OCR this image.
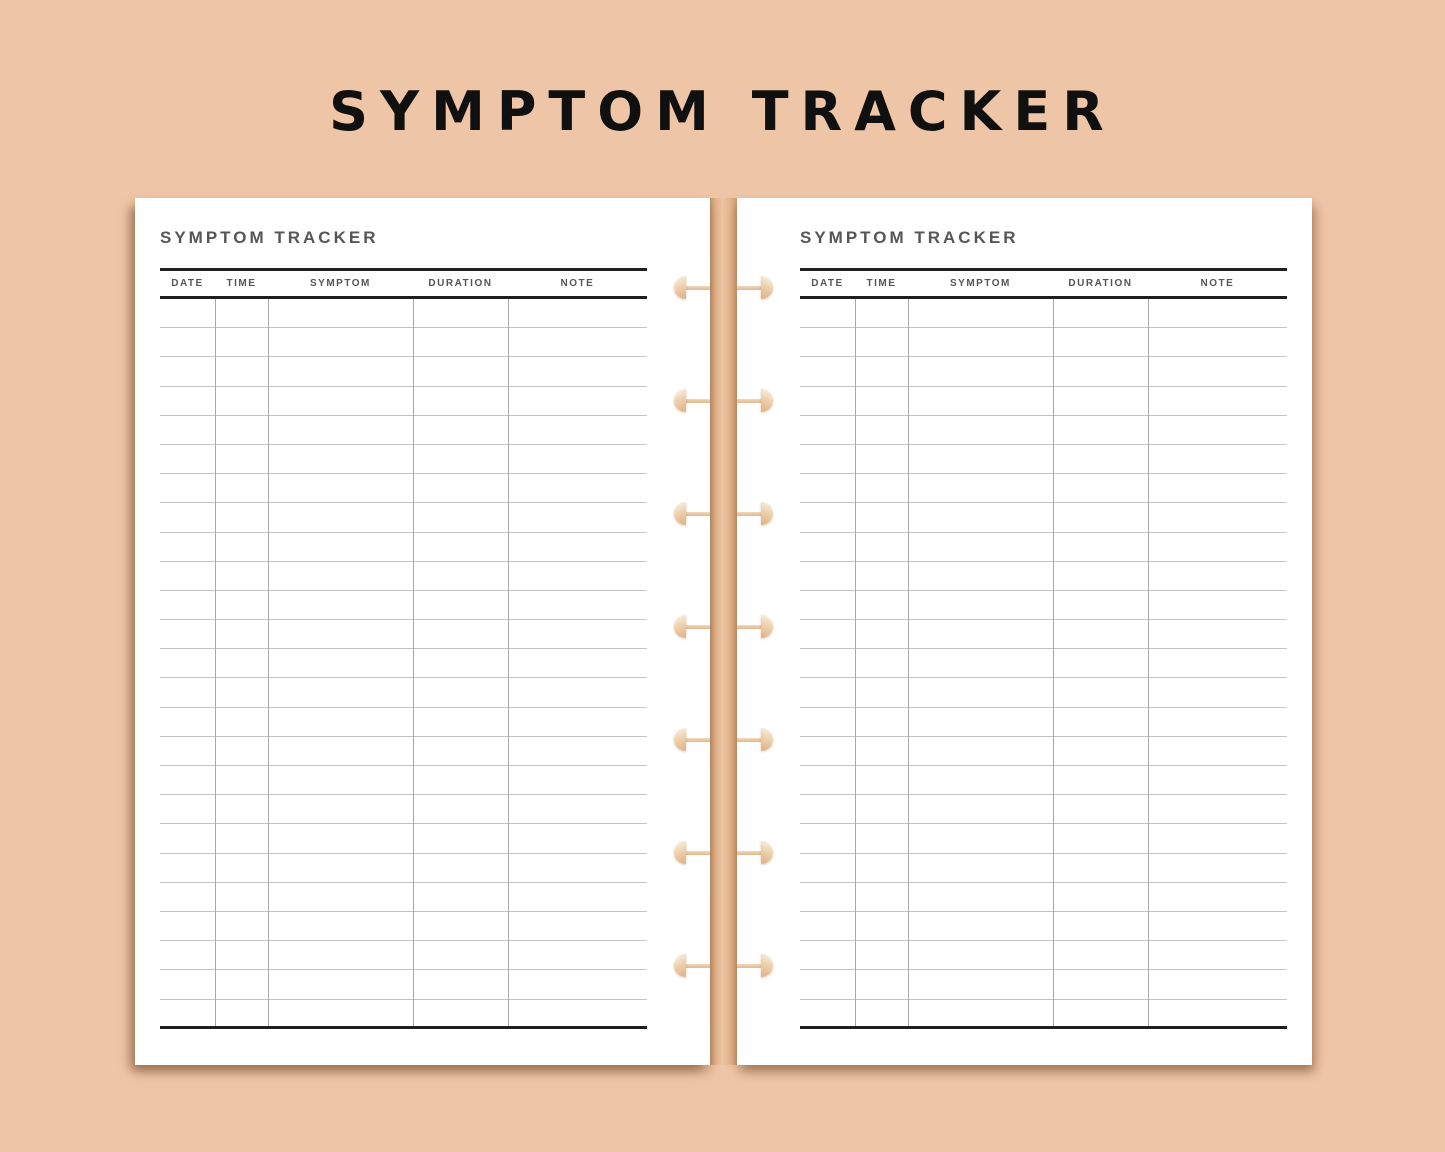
SYMPTOM TRACKER
SYMPTOM TRACKER
DATE	TIME	SYMPTOM	DURATION	NOTE
SYMPTOM TRACKER
DATE	TIME	SYMPTOM	DURATION	NOTE
